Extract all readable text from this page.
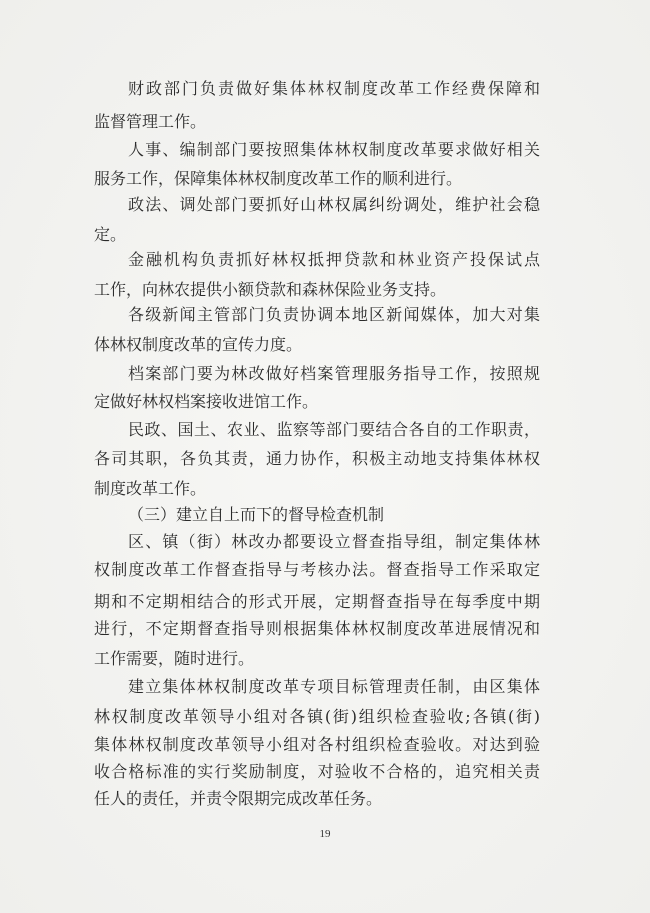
财政部门负责做好集体林权制度改革工作经费保障和
监督管理工作。
人事、编制部门要按照集体林权制度改革要求做好相关
服务工作，保障集体林权制度改革工作的顺利进行。
政法、调处部门要抓好山林权属纠纷调处，维护社会稳
定。
金融机构负责抓好林权抵押贷款和林业资产投保试点
工作，向林农提供小额贷款和森林保险业务支持。
各级新闻主管部门负责协调本地区新闻媒体，加大对集
体林权制度改革的宣传力度。
档案部门要为林改做好档案管理服务指导工作，按照规
定做好林权档案接收进馆工作。
民政、国土、农业、监察等部门要结合各自的工作职责，
各司其职，各负其责，通力协作，积极主动地支持集体林权
制度改革工作。
（三）建立自上而下的督导检查机制
区、镇（街）林改办都要设立督查指导组，制定集体林
权制度改革工作督查指导与考核办法。督查指导工作采取定
期和不定期相结合的形式开展，定期督查指导在每季度中期
进行，不定期督查指导则根据集体林权制度改革进展情况和
工作需要，随时进行。
建立集体林权制度改革专项目标管理责任制，由区集体
林权制度改革领导小组对各镇(街)组织检查验收;各镇(街)
集体林权制度改革领导小组对各村组织检查验收。对达到验
收合格标准的实行奖励制度，对验收不合格的，追究相关责
任人的责任，并责令限期完成改革任务。
19
